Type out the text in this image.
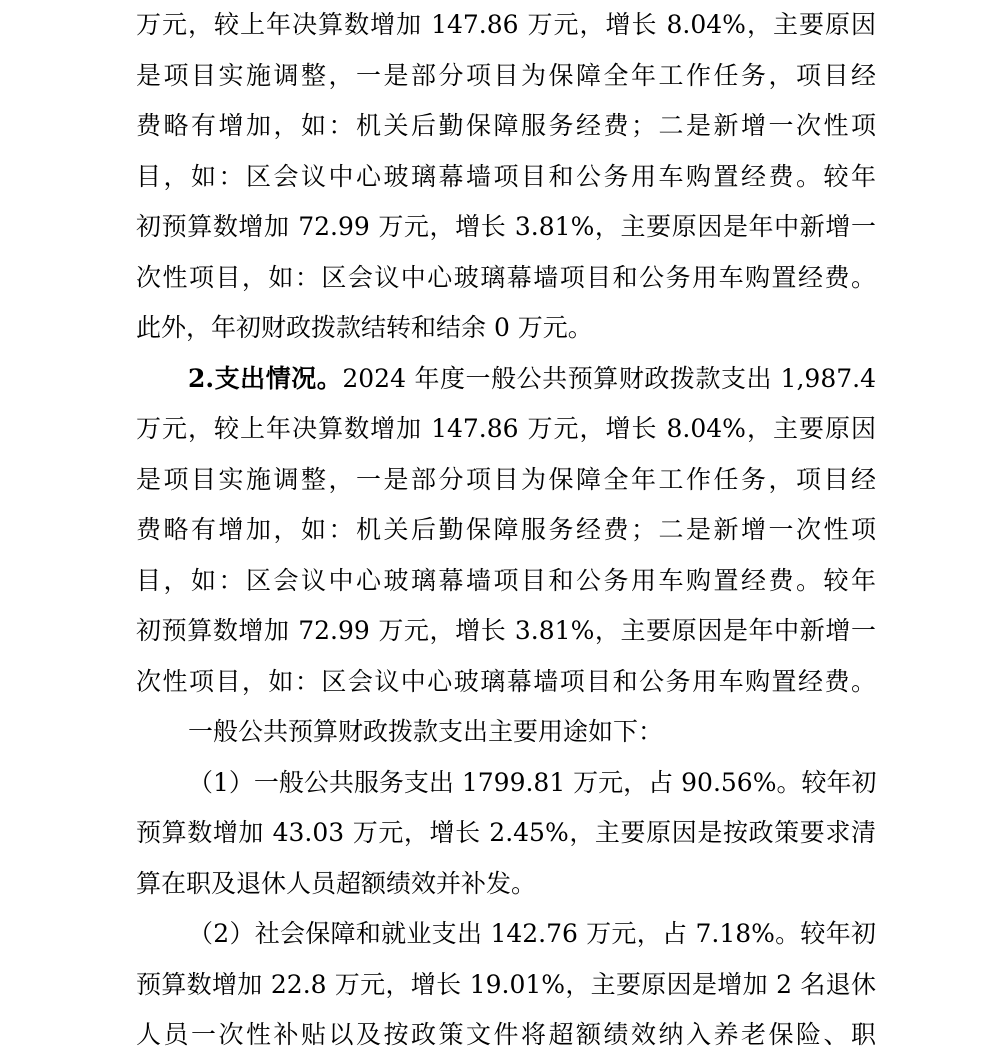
万元，较上年决算数增加 147.86 万元，增长 8.04%，主要原因
是项目实施调整，一是部分项目为保障全年工作任务，项目经
费略有增加，如：机关后勤保障服务经费；二是新增一次性项
目，如：区会议中心玻璃幕墙项目和公务用车购置经费。较年
初预算数增加 72.99 万元，增长 3.81%，主要原因是年中新增一
次性项目，如：区会议中心玻璃幕墙项目和公务用车购置经费。
此外，年初财政拨款结转和结余 0 万元。
2.支出情况。2024 年度一般公共预算财政拨款支出 1,987.4
万元，较上年决算数增加 147.86 万元，增长 8.04%，主要原因
是项目实施调整，一是部分项目为保障全年工作任务，项目经
费略有增加，如：机关后勤保障服务经费；二是新增一次性项
目，如：区会议中心玻璃幕墙项目和公务用车购置经费。较年
初预算数增加 72.99 万元，增长 3.81%，主要原因是年中新增一
次性项目，如：区会议中心玻璃幕墙项目和公务用车购置经费。
一般公共预算财政拨款支出主要用途如下：
（1）一般公共服务支出 1799.81 万元，占 90.56%。较年初
预算数增加 43.03 万元，增长 2.45%，主要原因是按政策要求清
算在职及退休人员超额绩效并补发。
（2）社会保障和就业支出 142.76 万元，占 7.18%。较年初
预算数增加 22.8 万元，增长 19.01%，主要原因是增加 2 名退休
人员一次性补贴以及按政策文件将超额绩效纳入养老保险、职
